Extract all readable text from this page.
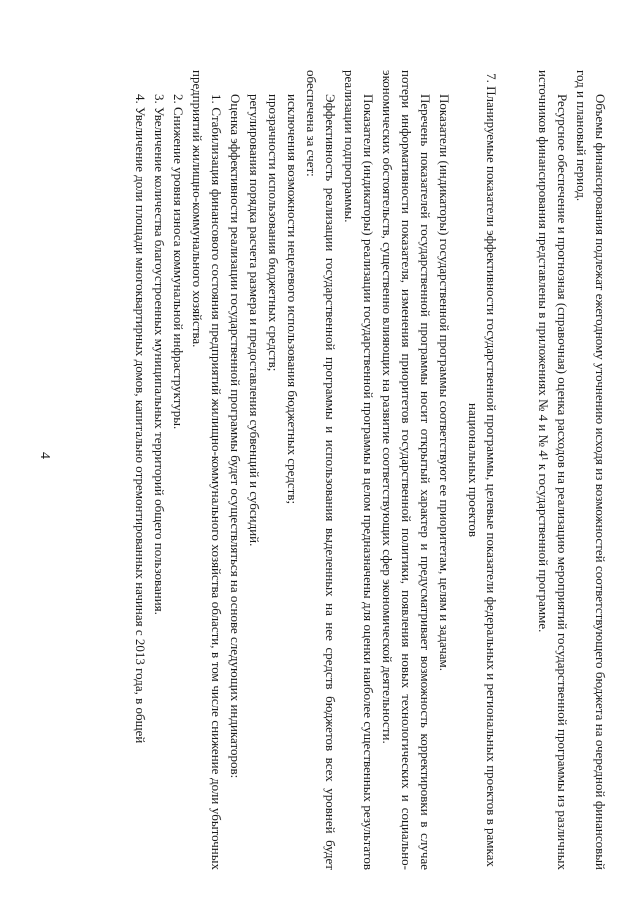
4	Объемы финансирования подлежат ежегодному уточнению исходя из возможностей соответствующего бюджета на очередной финансовый год и плановый период.

Ресурсное обеспечение и прогнозная (справочная) оценка расходов на реализацию мероприятий государственной программы из различных источников финансирования представлены в приложениях № 4 и № 4¹ к государственной программе.

7. Планируемые показатели эффективности государственной программы, целевые показатели федеральных и региональных проектов в рамках национальных проектов

Показатели (индикаторы) государственной программы соответствуют ее приоритетам, целям и задачам.

Перечень показателей государственной программы носит открытый характер и предусматривает возможность корректировки в случае потери информативности показателя, изменения приоритетов государственной политики, появления новых технологических и социально-экономических обстоятельств, существенно влияющих на развитие соответствующих сфер экономической деятельности.

Показатели (индикаторы) реализации государственной программы в целом предназначены для оценки наиболее существенных результатов реализации подпрограммы.

Эффективность реализации государственной программы и использования выделенных на нее средств бюджетов всех уровней будет обеспечена за счет:

исключения возможности нецелевого использования бюджетных средств;

прозрачности использования бюджетных средств;

регулирования порядка расчета размера и предоставления субвенций и субсидий.

Оценка эффективности реализации государственной программы будет осуществляться на основе следующих индикаторов:

1. Стабилизация финансового состояния предприятий жилищно-коммунального хозяйства области, в том числе снижение доли убыточных предприятий жилищно-коммунального хозяйства.

2. Снижение уровня износа коммунальной инфраструктуры.

3. Увеличение количества благоустроенных муниципальных территорий общего пользования.

4. Увеличение доли площади многоквартирных домов, капитально отремонтированных начиная с 2013 года, в общей
